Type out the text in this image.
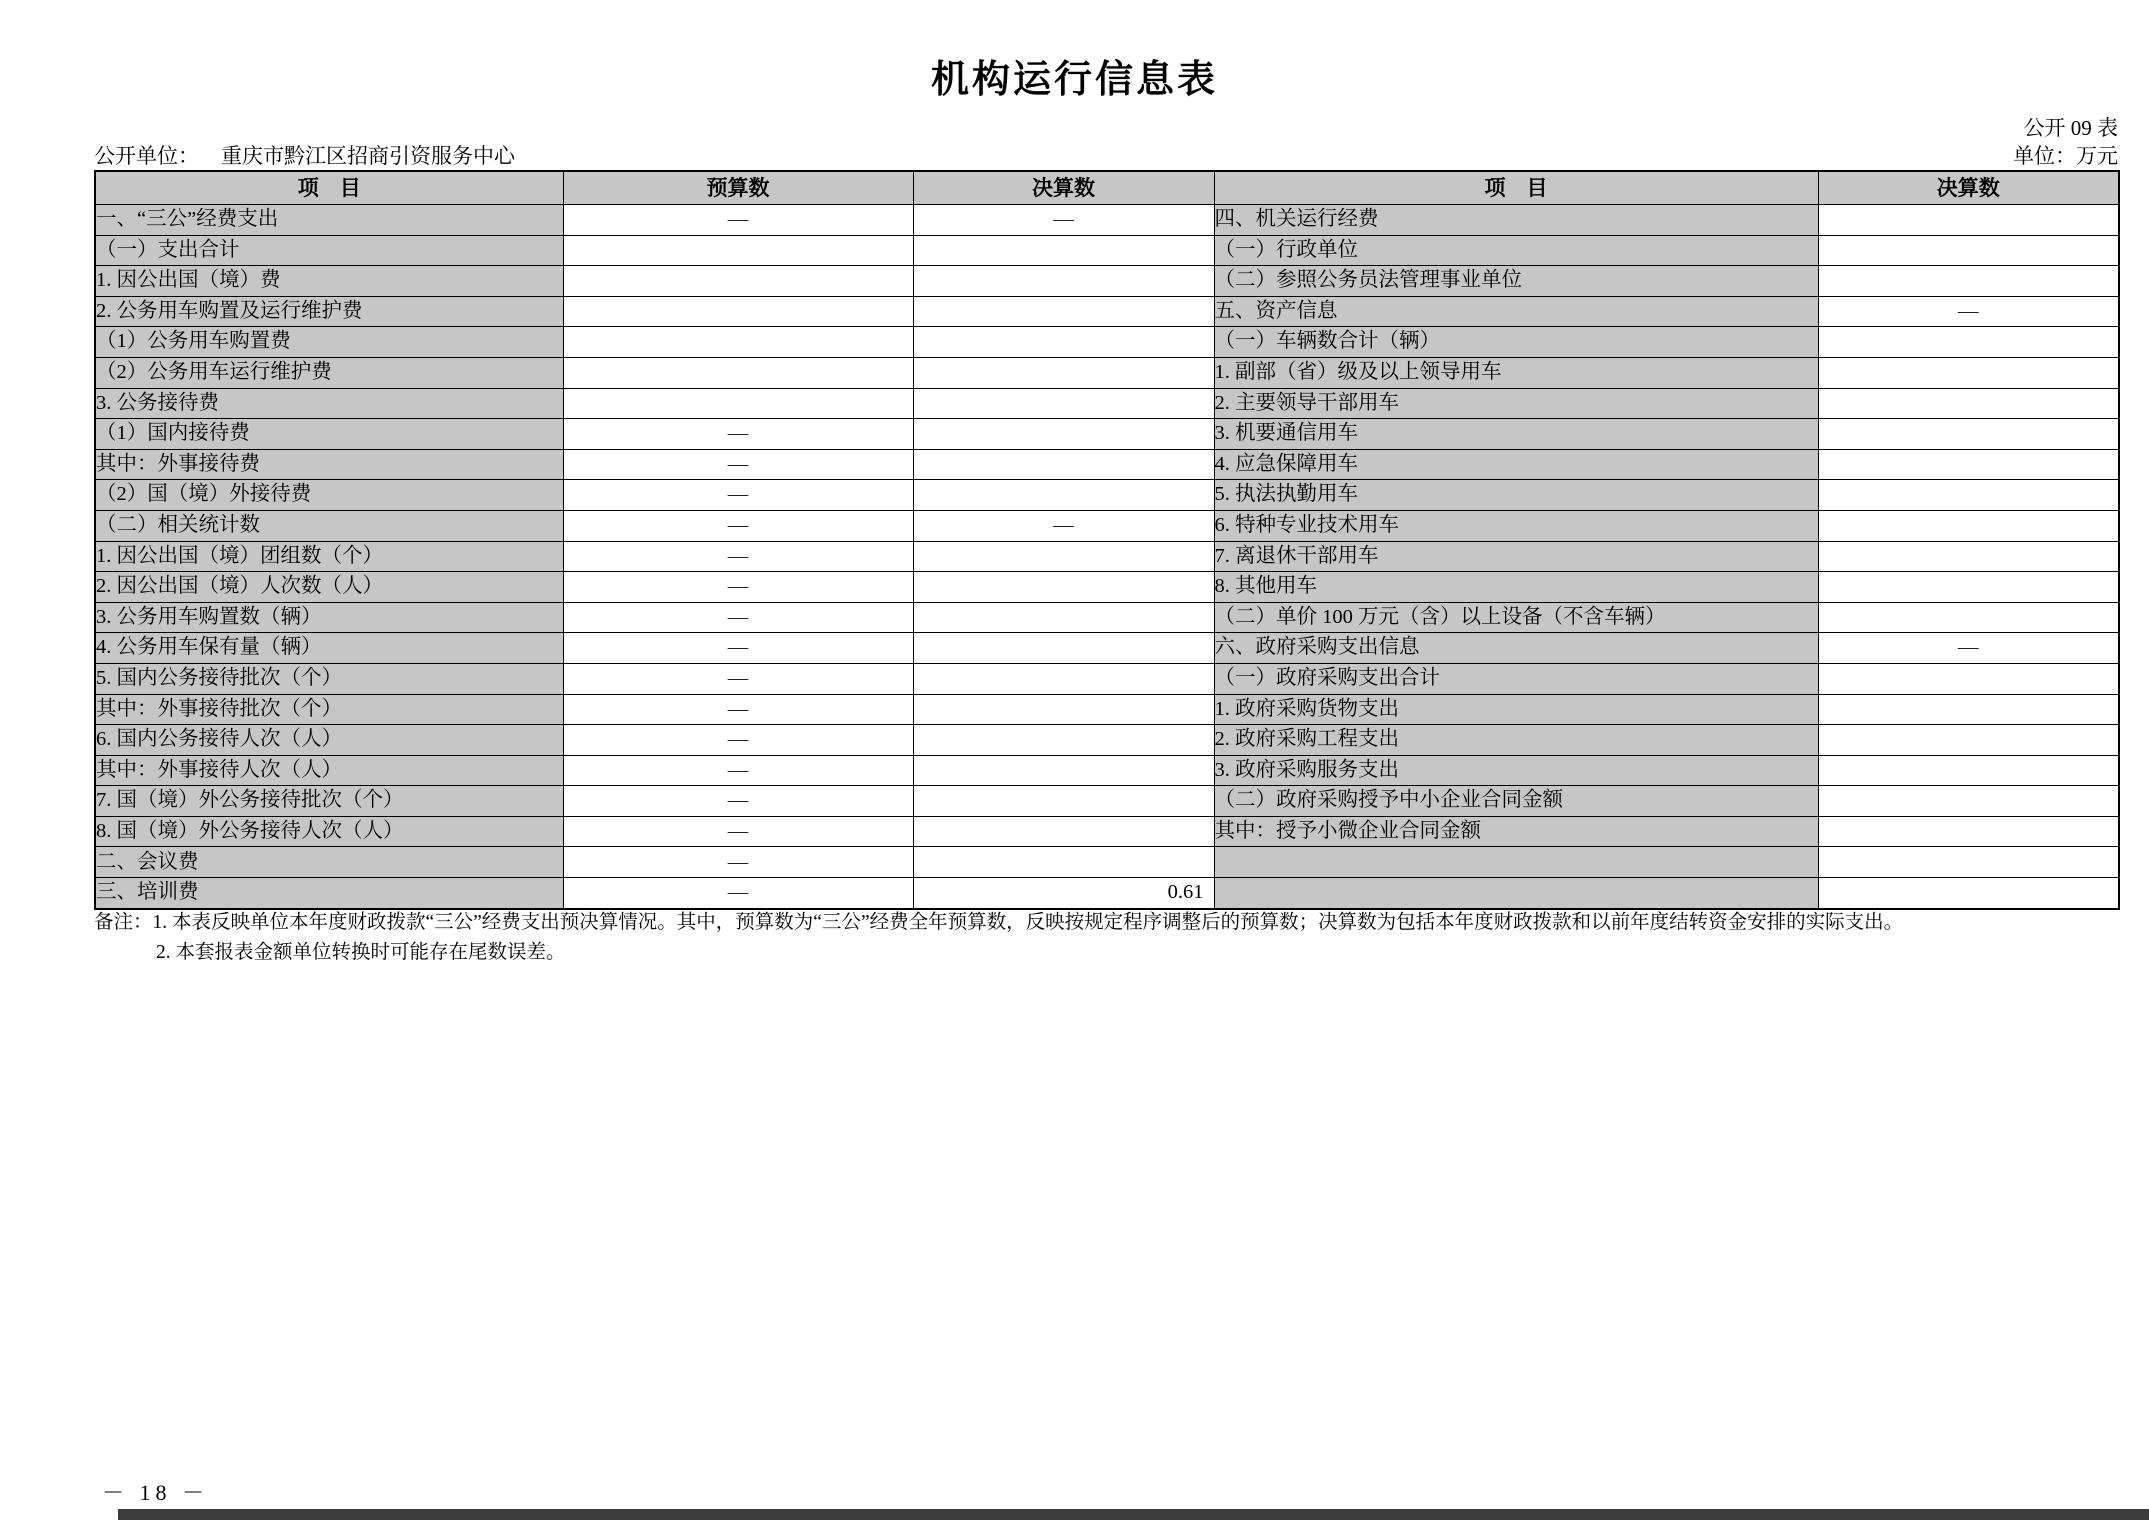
机构运行信息表
公开 09 表
公开单位： 重庆市黔江区招商引资服务中心	单位：万元
项　目	预算数	决算数	项　目	决算数
一、“三公”经费支出	—	—	四、机关运行经费	
（一）支出合计			（一）行政单位	
1. 因公出国（境）费			（二）参照公务员法管理事业单位	
2. 公务用车购置及运行维护费			五、资产信息	—
（1）公务用车购置费			（一）车辆数合计（辆）	
（2）公务用车运行维护费			1. 副部（省）级及以上领导用车	
3. 公务接待费			2. 主要领导干部用车	
（1）国内接待费	—		3. 机要通信用车	
其中：外事接待费	—		4. 应急保障用车	
（2）国（境）外接待费	—		5. 执法执勤用车	
（二）相关统计数	—	—	6. 特种专业技术用车	
1. 因公出国（境）团组数（个）	—		7. 离退休干部用车	
2. 因公出国（境）人次数（人）	—		8. 其他用车	
3. 公务用车购置数（辆）	—		（二）单价 100 万元（含）以上设备（不含车辆）	
4. 公务用车保有量（辆）	—		六、政府采购支出信息	—
5. 国内公务接待批次（个）	—		（一）政府采购支出合计	
其中：外事接待批次（个）	—		1. 政府采购货物支出	
6. 国内公务接待人次（人）	—		2. 政府采购工程支出	
其中：外事接待人次（人）	—		3. 政府采购服务支出	
7. 国（境）外公务接待批次（个）	—		（二）政府采购授予中小企业合同金额	
8. 国（境）外公务接待人次（人）	—		其中：授予小微企业合同金额	
二、会议费	—			
三、培训费	—	0.61		
备注：1. 本表反映单位本年度财政拨款“三公”经费支出预决算情况。其中，预算数为“三公”经费全年预算数，反映按规定程序调整后的预算数；决算数为包括本年度财政拨款和以前年度结转资金安排的实际支出。
2. 本套报表金额单位转换时可能存在尾数误差。
－ 18 －
